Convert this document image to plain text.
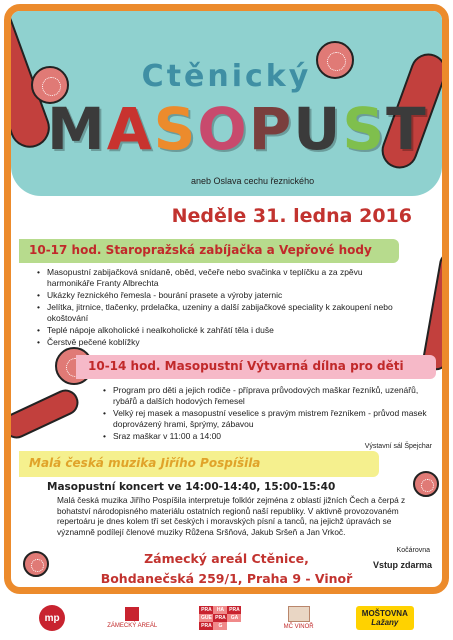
Ctěnický
M A S O P U S T
aneb Oslava cechu řeznického
Neděle 31. ledna 2016
10-17 hod. Staropražská zabíjačka a Vepřové hody
• Masopustní zabijačková snídaně, oběd, večeře nebo svačinka v teplíčku a za zpěvu harmonikáře Franty Albrechta
• Ukázky řeznického řemesla - bourání prasete a výroby jaternic
• Jelítka, jitrnice, tlačenky, prdelačka, uzeniny a další zabijačkové speciality k zakoupení nebo okoštování
• Teplé nápoje alkoholické i nealkoholické k zahřátí těla i duše
• Čerstvě pečené koblížky
10-14 hod. Masopustní Výtvarná dílna pro děti
• Program pro děti a jejich rodiče - příprava průvodových maškar řezníků, uzenářů, rybářů a dalších hodových řemesel
• Velký rej masek a masopustní veselice s pravým mistrem řezníkem - průvod masek doprovázený hrami, šprýmy, zábavou
• Sraz maškar v 11:00 a 14:00
Výstavní sál Špejchar
Malá česká muzika Jiřího Pospíšila
Masopustní koncert ve 14:00-14:40, 15:00-15:40
Malá česká muzika Jiřího Pospíšila interpretuje folklór zejména z oblastí jižních Čech a čerpá z bohatství národopisného materiálu ostatních regionů naší republiky. V aktivně provozovaném repertoáru je dnes kolem tří set českých i moravských písní a tanců, na jejichž úpravách se významně podílejí členové muziky Růžena Sršňová, Jakub Sršeň a Jan Vrkoč.
Kočárovna
Vstup zdarma
Zámecký areál Ctěnice,
Bohdanečská 259/1, Praha 9 - Vinoř
mp
ZÁMECKÝ AREÁL
PRA	HA	PRA
GUE PRA GA
PRA	G	MČ VINOŘ
MOŠTOVNA
Lažany
